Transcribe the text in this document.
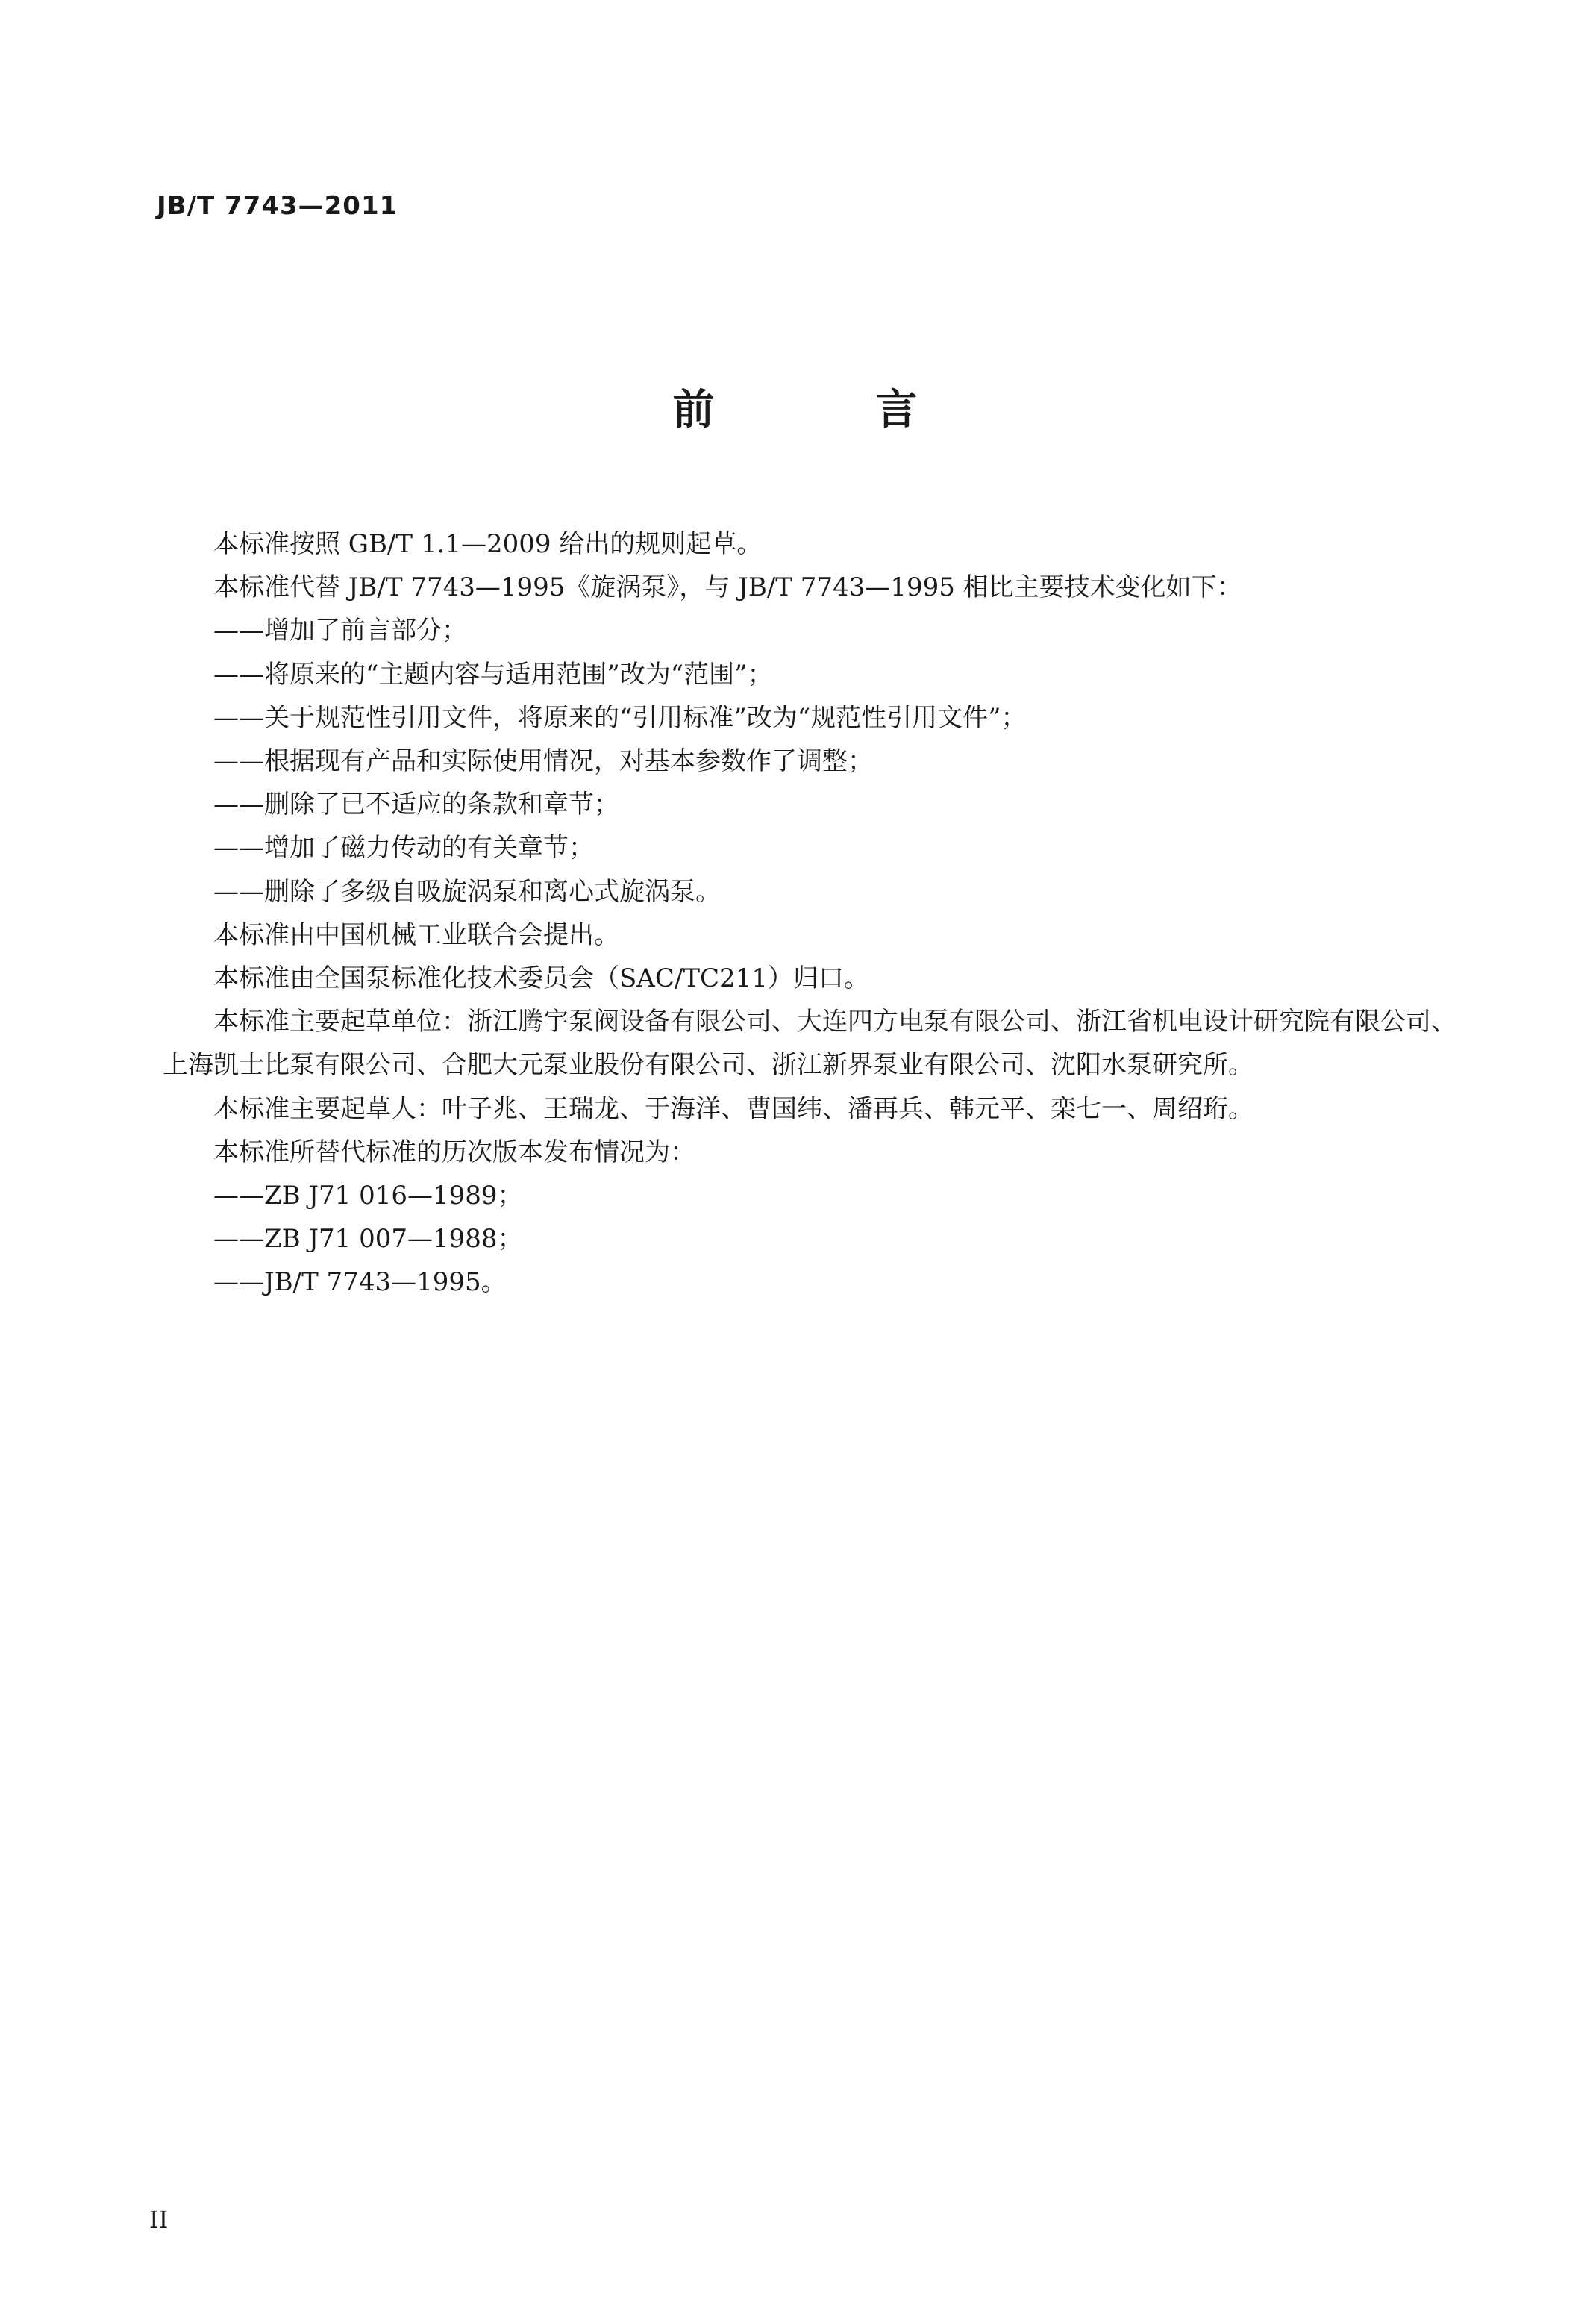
JB/T 7743—2011
前　言
本标准按照 GB/T 1.1—2009 给出的规则起草。
本标准代替 JB/T 7743—1995《旋涡泵》，与 JB/T 7743—1995 相比主要技术变化如下：
——增加了前言部分；
——将原来的“主题内容与适用范围”改为“范围”；
——关于规范性引用文件，将原来的“引用标准”改为“规范性引用文件”；
——根据现有产品和实际使用情况，对基本参数作了调整；
——删除了已不适应的条款和章节；
——增加了磁力传动的有关章节；
——删除了多级自吸旋涡泵和离心式旋涡泵。
本标准由中国机械工业联合会提出。
本标准由全国泵标准化技术委员会（SAC/TC211）归口。
本标准主要起草单位：浙江腾宇泵阀设备有限公司、大连四方电泵有限公司、浙江省机电设计研究院有限公司、上海凯士比泵有限公司、合肥大元泵业股份有限公司、浙江新界泵业有限公司、沈阳水泵研究所。
本标准主要起草人：叶子兆、王瑞龙、于海洋、曹国纬、潘再兵、韩元平、栾七一、周绍珩。
本标准所替代标准的历次版本发布情况为：
——ZB J71 016—1989；
——ZB J71 007—1988；
——JB/T 7743—1995。
II
